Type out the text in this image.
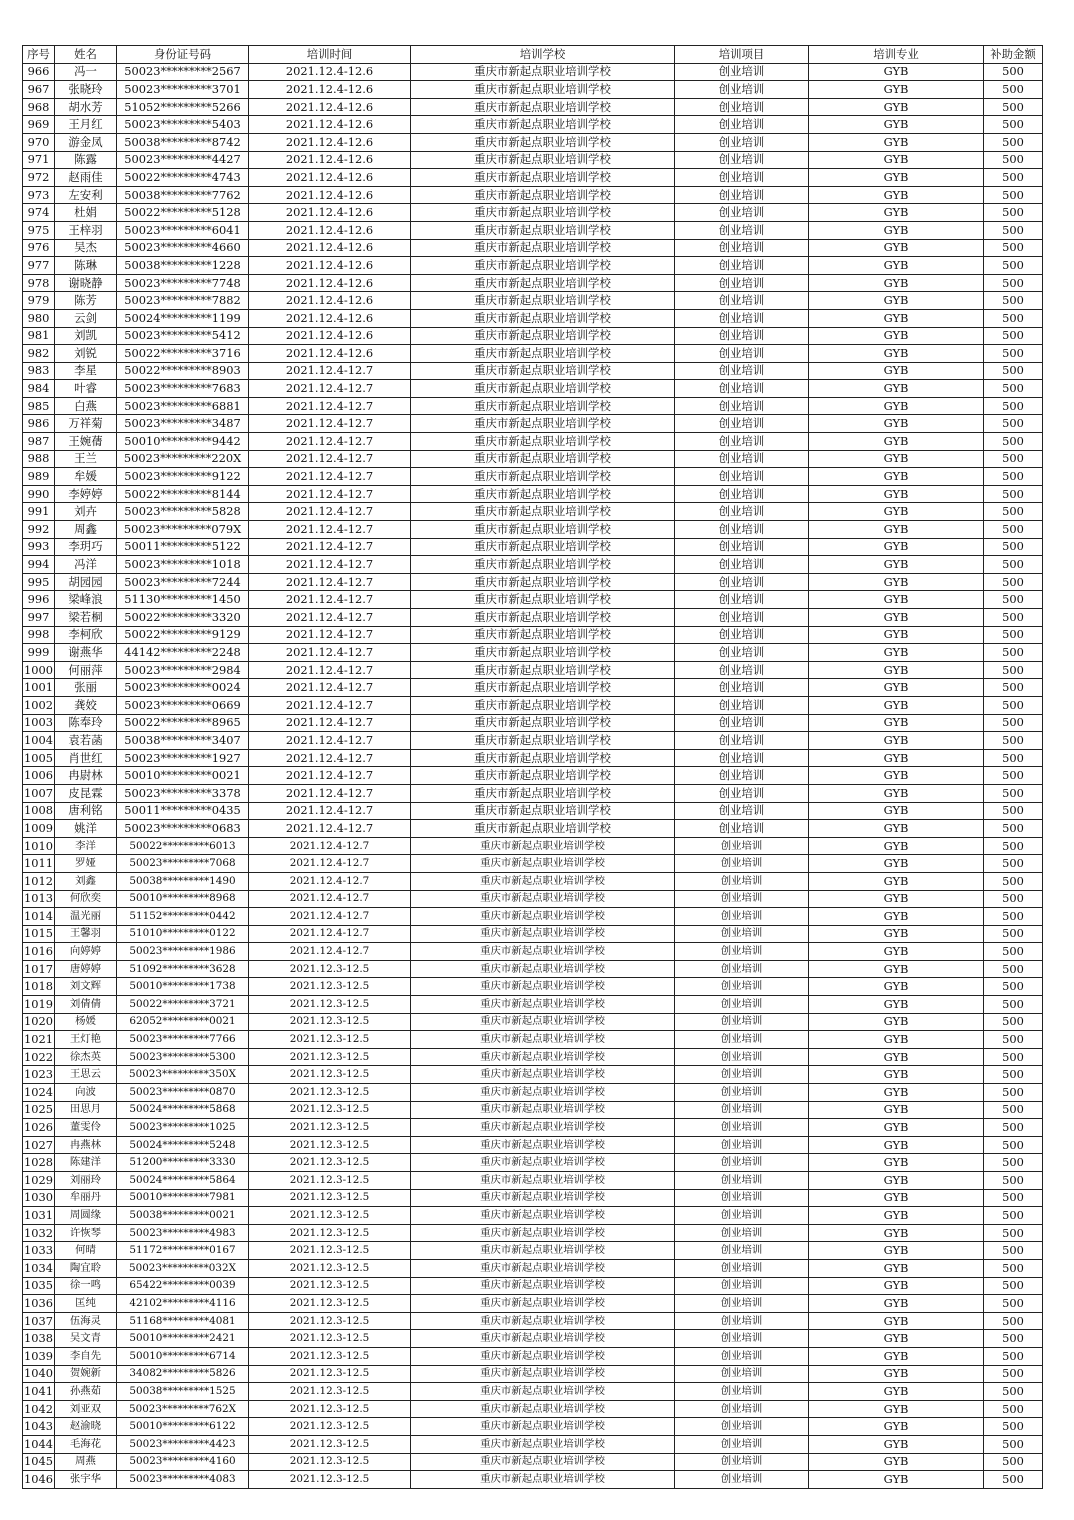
序号	姓名	身份证号码	培训时间	培训学校	培训项目	培训专业	补助金额
966	冯一	50023*********2567	2021.12.4-12.6	重庆市新起点职业培训学校	创业培训	GYB	500
967	张晓玲	50023*********3701	2021.12.4-12.6	重庆市新起点职业培训学校	创业培训	GYB	500
968	胡水芳	51052*********5266	2021.12.4-12.6	重庆市新起点职业培训学校	创业培训	GYB	500
969	王月红	50023*********5403	2021.12.4-12.6	重庆市新起点职业培训学校	创业培训	GYB	500
970	游金凤	50038*********8742	2021.12.4-12.6	重庆市新起点职业培训学校	创业培训	GYB	500
971	陈露	50023*********4427	2021.12.4-12.6	重庆市新起点职业培训学校	创业培训	GYB	500
972	赵雨佳	50022*********4743	2021.12.4-12.6	重庆市新起点职业培训学校	创业培训	GYB	500
973	左安利	50038*********7762	2021.12.4-12.6	重庆市新起点职业培训学校	创业培训	GYB	500
974	杜娟	50022*********5128	2021.12.4-12.6	重庆市新起点职业培训学校	创业培训	GYB	500
975	王梓羽	50023*********6041	2021.12.4-12.6	重庆市新起点职业培训学校	创业培训	GYB	500
976	吴杰	50023*********4660	2021.12.4-12.6	重庆市新起点职业培训学校	创业培训	GYB	500
977	陈琳	50038*********1228	2021.12.4-12.6	重庆市新起点职业培训学校	创业培训	GYB	500
978	谢晓静	50023*********7748	2021.12.4-12.6	重庆市新起点职业培训学校	创业培训	GYB	500
979	陈芳	50023*********7882	2021.12.4-12.6	重庆市新起点职业培训学校	创业培训	GYB	500
980	云剑	50024*********1199	2021.12.4-12.6	重庆市新起点职业培训学校	创业培训	GYB	500
981	刘凯	50023*********5412	2021.12.4-12.6	重庆市新起点职业培训学校	创业培训	GYB	500
982	刘锐	50022*********3716	2021.12.4-12.6	重庆市新起点职业培训学校	创业培训	GYB	500
983	李星	50022*********8903	2021.12.4-12.7	重庆市新起点职业培训学校	创业培训	GYB	500
984	叶睿	50023*********7683	2021.12.4-12.7	重庆市新起点职业培训学校	创业培训	GYB	500
985	白燕	50023*********6881	2021.12.4-12.7	重庆市新起点职业培训学校	创业培训	GYB	500
986	万祥菊	50023*********3487	2021.12.4-12.7	重庆市新起点职业培训学校	创业培训	GYB	500
987	王婉蒨	50010*********9442	2021.12.4-12.7	重庆市新起点职业培训学校	创业培训	GYB	500
988	王兰	50023*********220X	2021.12.4-12.7	重庆市新起点职业培训学校	创业培训	GYB	500
989	牟媛	50023*********9122	2021.12.4-12.7	重庆市新起点职业培训学校	创业培训	GYB	500
990	李婷婷	50022*********8144	2021.12.4-12.7	重庆市新起点职业培训学校	创业培训	GYB	500
991	刘卉	50023*********5828	2021.12.4-12.7	重庆市新起点职业培训学校	创业培训	GYB	500
992	周鑫	50023*********079X	2021.12.4-12.7	重庆市新起点职业培训学校	创业培训	GYB	500
993	李玥巧	50011*********5122	2021.12.4-12.7	重庆市新起点职业培训学校	创业培训	GYB	500
994	冯洋	50023*********1018	2021.12.4-12.7	重庆市新起点职业培训学校	创业培训	GYB	500
995	胡园园	50023*********7244	2021.12.4-12.7	重庆市新起点职业培训学校	创业培训	GYB	500
996	梁峰浪	51130*********1450	2021.12.4-12.7	重庆市新起点职业培训学校	创业培训	GYB	500
997	梁若桐	50022*********3320	2021.12.4-12.7	重庆市新起点职业培训学校	创业培训	GYB	500
998	李柯欣	50022*********9129	2021.12.4-12.7	重庆市新起点职业培训学校	创业培训	GYB	500
999	谢燕华	44142*********2248	2021.12.4-12.7	重庆市新起点职业培训学校	创业培训	GYB	500
1000	何丽萍	50023*********2984	2021.12.4-12.7	重庆市新起点职业培训学校	创业培训	GYB	500
1001	张丽	50023*********0024	2021.12.4-12.7	重庆市新起点职业培训学校	创业培训	GYB	500
1002	龚姣	50023*********0669	2021.12.4-12.7	重庆市新起点职业培训学校	创业培训	GYB	500
1003	陈奉玲	50022*********8965	2021.12.4-12.7	重庆市新起点职业培训学校	创业培训	GYB	500
1004	袁若菡	50038*********3407	2021.12.4-12.7	重庆市新起点职业培训学校	创业培训	GYB	500
1005	肖世红	50023*********1927	2021.12.4-12.7	重庆市新起点职业培训学校	创业培训	GYB	500
1006	冉尉林	50010*********0021	2021.12.4-12.7	重庆市新起点职业培训学校	创业培训	GYB	500
1007	皮昆霖	50023*********3378	2021.12.4-12.7	重庆市新起点职业培训学校	创业培训	GYB	500
1008	唐利铭	50011*********0435	2021.12.4-12.7	重庆市新起点职业培训学校	创业培训	GYB	500
1009	姚洋	50023*********0683	2021.12.4-12.7	重庆市新起点职业培训学校	创业培训	GYB	500
1010	李洋	50022*********6013	2021.12.4-12.7	重庆市新起点职业培训学校	创业培训	GYB	500
1011	罗娅	50023*********7068	2021.12.4-12.7	重庆市新起点职业培训学校	创业培训	GYB	500
1012	刘鑫	50038*********1490	2021.12.4-12.7	重庆市新起点职业培训学校	创业培训	GYB	500
1013	何欣奕	50010*********8968	2021.12.4-12.7	重庆市新起点职业培训学校	创业培训	GYB	500
1014	温光丽	51152*********0442	2021.12.4-12.7	重庆市新起点职业培训学校	创业培训	GYB	500
1015	王馨羽	51010*********0122	2021.12.4-12.7	重庆市新起点职业培训学校	创业培训	GYB	500
1016	向婷婷	50023*********1986	2021.12.4-12.7	重庆市新起点职业培训学校	创业培训	GYB	500
1017	唐婷婷	51092*********3628	2021.12.3-12.5	重庆市新起点职业培训学校	创业培训	GYB	500
1018	刘文辉	50010*********1738	2021.12.3-12.5	重庆市新起点职业培训学校	创业培训	GYB	500
1019	刘倩倩	50022*********3721	2021.12.3-12.5	重庆市新起点职业培训学校	创业培训	GYB	500
1020	杨媛	62052*********0021	2021.12.3-12.5	重庆市新起点职业培训学校	创业培训	GYB	500
1021	王灯艳	50023*********7766	2021.12.3-12.5	重庆市新起点职业培训学校	创业培训	GYB	500
1022	徐杰英	50023*********5300	2021.12.3-12.5	重庆市新起点职业培训学校	创业培训	GYB	500
1023	王思云	50023*********350X	2021.12.3-12.5	重庆市新起点职业培训学校	创业培训	GYB	500
1024	向波	50023*********0870	2021.12.3-12.5	重庆市新起点职业培训学校	创业培训	GYB	500
1025	田思月	50024*********5868	2021.12.3-12.5	重庆市新起点职业培训学校	创业培训	GYB	500
1026	董雯伶	50023*********1025	2021.12.3-12.5	重庆市新起点职业培训学校	创业培训	GYB	500
1027	冉燕林	50024*********5248	2021.12.3-12.5	重庆市新起点职业培训学校	创业培训	GYB	500
1028	陈建洋	51200*********3330	2021.12.3-12.5	重庆市新起点职业培训学校	创业培训	GYB	500
1029	刘丽玲	50024*********5864	2021.12.3-12.5	重庆市新起点职业培训学校	创业培训	GYB	500
1030	牟丽丹	50010*********7981	2021.12.3-12.5	重庆市新起点职业培训学校	创业培训	GYB	500
1031	周圆缘	50038*********0021	2021.12.3-12.5	重庆市新起点职业培训学校	创业培训	GYB	500
1032	许恢琴	50023*********4983	2021.12.3-12.5	重庆市新起点职业培训学校	创业培训	GYB	500
1033	何晴	51172*********0167	2021.12.3-12.5	重庆市新起点职业培训学校	创业培训	GYB	500
1034	陶宜聆	50023*********032X	2021.12.3-12.5	重庆市新起点职业培训学校	创业培训	GYB	500
1035	徐一鸣	65422*********0039	2021.12.3-12.5	重庆市新起点职业培训学校	创业培训	GYB	500
1036	匡纯	42102*********4116	2021.12.3-12.5	重庆市新起点职业培训学校	创业培训	GYB	500
1037	伍海灵	51168*********4081	2021.12.3-12.5	重庆市新起点职业培训学校	创业培训	GYB	500
1038	吴文青	50010*********2421	2021.12.3-12.5	重庆市新起点职业培训学校	创业培训	GYB	500
1039	李自先	50010*********6714	2021.12.3-12.5	重庆市新起点职业培训学校	创业培训	GYB	500
1040	贺婉新	34082*********5826	2021.12.3-12.5	重庆市新起点职业培训学校	创业培训	GYB	500
1041	孙燕茹	50038*********1525	2021.12.3-12.5	重庆市新起点职业培训学校	创业培训	GYB	500
1042	刘亚双	50023*********762X	2021.12.3-12.5	重庆市新起点职业培训学校	创业培训	GYB	500
1043	赵渝晓	50010*********6122	2021.12.3-12.5	重庆市新起点职业培训学校	创业培训	GYB	500
1044	毛海花	50023*********4423	2021.12.3-12.5	重庆市新起点职业培训学校	创业培训	GYB	500
1045	周燕	50023*********4160	2021.12.3-12.5	重庆市新起点职业培训学校	创业培训	GYB	500
1046	张宇华	50023*********4083	2021.12.3-12.5	重庆市新起点职业培训学校	创业培训	GYB	500
